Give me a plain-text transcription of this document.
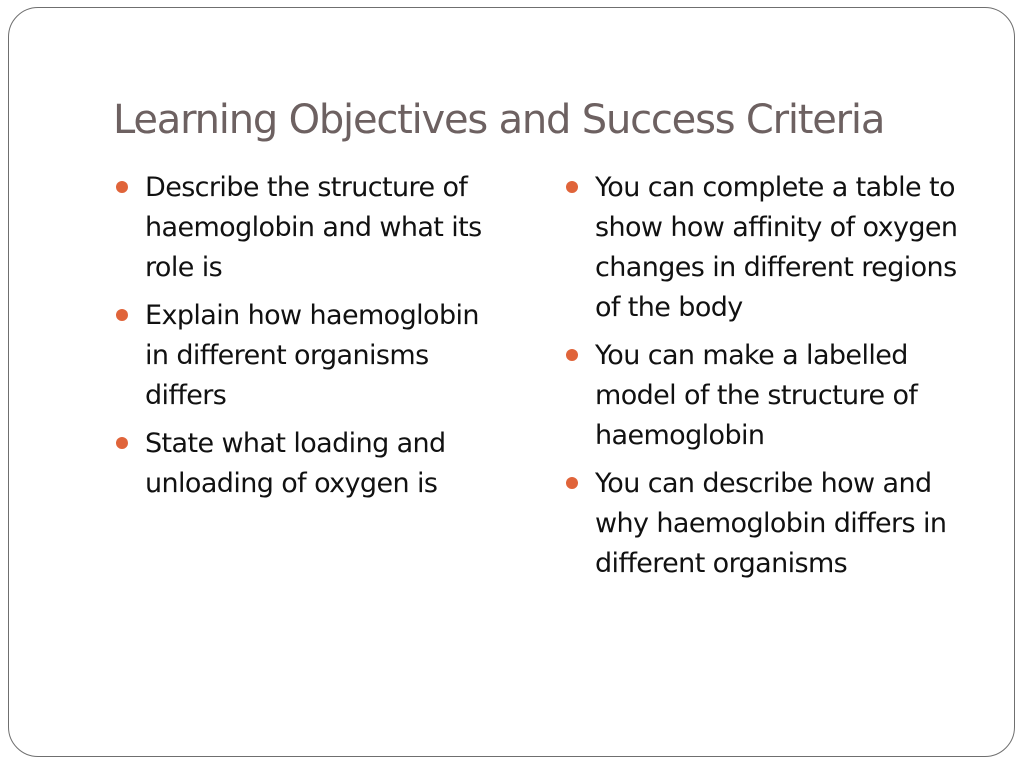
Learning Objectives and Success Criteria
Describe the structure of haemoglobin and what its role is
Explain how haemoglobin in different organisms differs
State what loading and unloading of oxygen is
You can complete a table to show how affinity of oxygen changes in different regions of the body
You can make a labelled model of the structure of haemoglobin
You can describe how and why haemoglobin differs in different organisms
